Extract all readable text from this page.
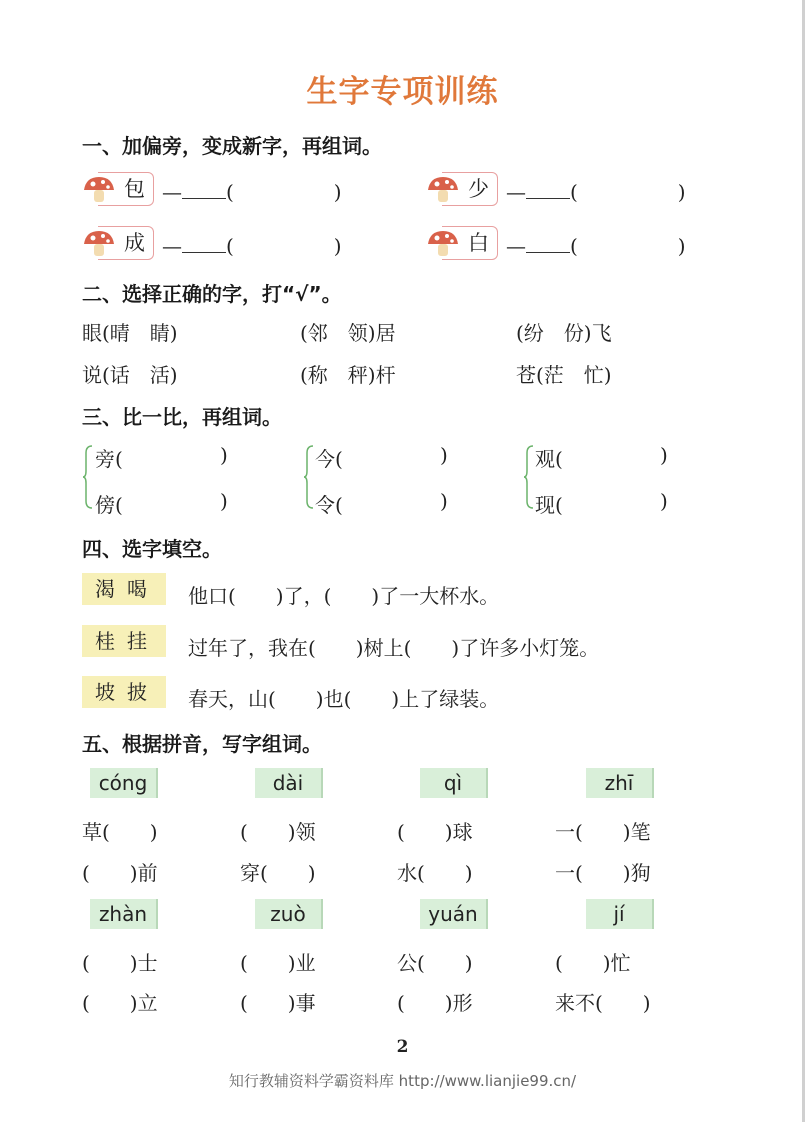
生字专项训练
一、加偏旁，变成新字，再组词。
包 — (　　　　　)	少 — (　　　　　)
成 — (　　　　　)	白 — (　　　　　)
二、选择正确的字，打“√”。
眼(晴　睛)	(邻　领)居	(纷　份)飞
说(话　活)	(称　秤)杆	苍(茫　忙)
三、比一比，再组词。
旁(	)
傍(	)
今(	)
令(	)
观(	)
现(	)
四、选字填空。
渴喝	他口(　　)了，(　　)了一大杯水。
桂挂	过年了，我在(　　)树上(　　)了许多小灯笼。
坡披	春天，山(　　)也(　　)上了绿装。
五、根据拼音，写字组词。
cóng	dài	qì	zhī
草(　　)	(　　)领	(　　)球	一(　　)笔
(　　)前	穿(　　)	水(　　)	一(　　)狗
zhàn	zuò	yuán	jí
(　　)士	(　　)业	公(　　)	(　　)忙
(　　)立	(　　)事	(　　)形	来不(　　)
2
知行教辅资料学霸资料库 http://www.lianjie99.cn/
